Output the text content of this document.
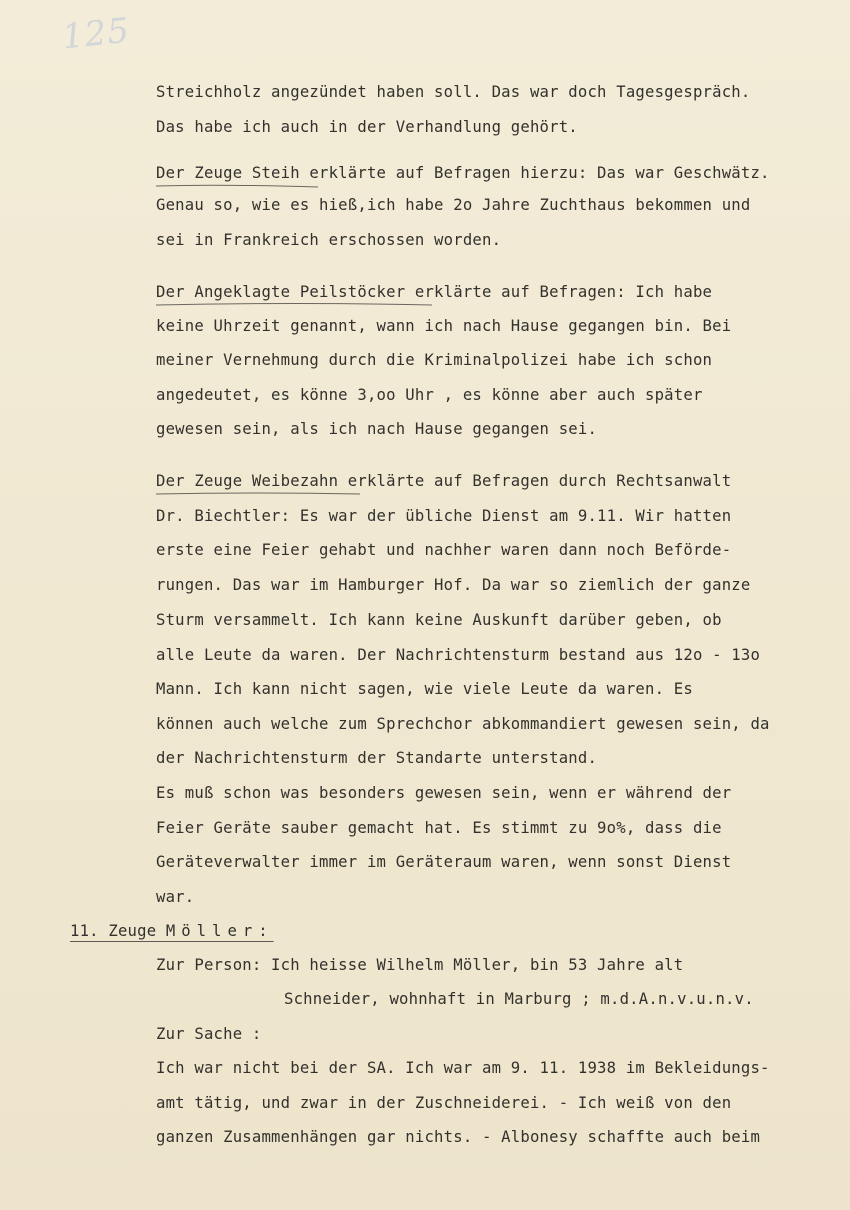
125
Streichholz angezündet haben soll. Das war doch Tagesgespräch.
Das habe ich auch in der Verhandlung gehört.
Der Zeuge Steih erklärte auf Befragen hierzu: Das war Geschwätz.
Genau so, wie es hieß,ich habe 2o Jahre Zuchthaus bekommen und
sei in Frankreich erschossen worden.
Der Angeklagte Peilstöcker erklärte auf Befragen: Ich habe
keine Uhrzeit genannt, wann ich nach Hause gegangen bin. Bei
meiner Vernehmung durch die Kriminalpolizei habe ich schon
angedeutet, es könne 3,oo Uhr , es könne aber auch später
gewesen sein, als ich nach Hause gegangen sei.
Der Zeuge Weibezahn erklärte auf Befragen durch Rechtsanwalt
Dr. Biechtler: Es war der übliche Dienst am 9.11. Wir hatten
erste eine Feier gehabt und nachher waren dann noch Beförde-
rungen. Das war im Hamburger Hof. Da war so ziemlich der ganze
Sturm versammelt. Ich kann keine Auskunft darüber geben, ob
alle Leute da waren. Der Nachrichtensturm bestand aus 12o - 13o
Mann. Ich kann nicht sagen, wie viele Leute da waren. Es
können auch welche zum Sprechchor abkommandiert gewesen sein, da
der Nachrichtensturm der Standarte unterstand.
Es muß schon was besonders gewesen sein, wenn er während der
Feier Geräte sauber gemacht hat. Es stimmt zu 9o%, dass die
Geräteverwalter immer im Geräteraum waren, wenn sonst Dienst
war.
11. Zeuge Möller:
Zur Person: Ich heisse Wilhelm Möller, bin 53 Jahre alt
Schneider, wohnhaft in Marburg ; m.d.A.n.v.u.n.v.
Zur Sache :
Ich war nicht bei der SA. Ich war am 9. 11. 1938 im Bekleidungs-
amt tätig, und zwar in der Zuschneiderei. - Ich weiß von den
ganzen Zusammenhängen gar nichts. - Albonesy schaffte auch beim
